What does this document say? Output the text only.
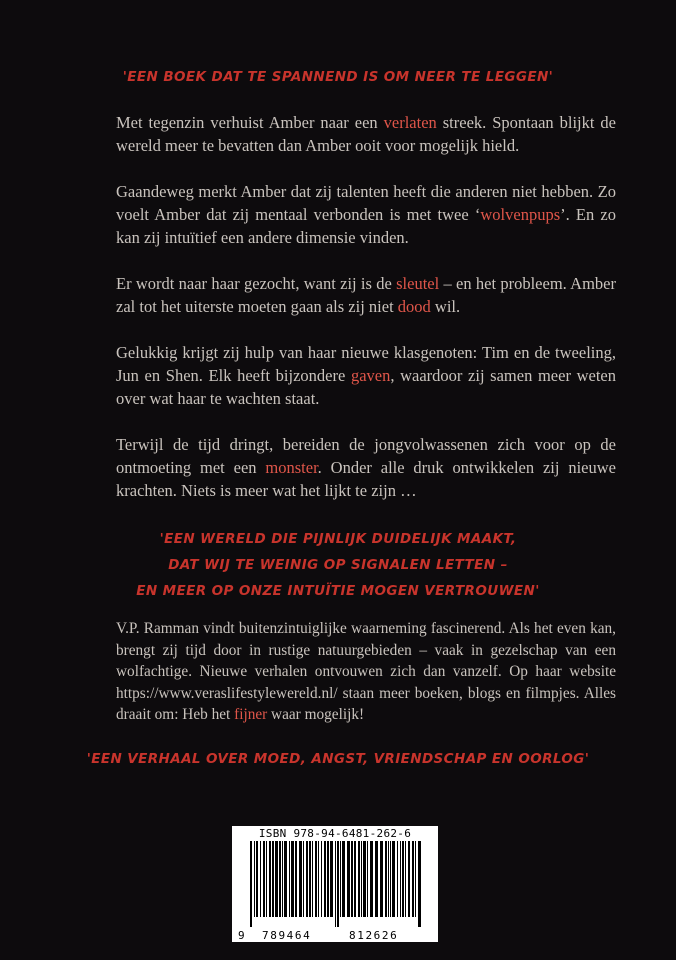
'EEN BOEK DAT TE SPANNEND IS OM NEER TE LEGGEN'

Met tegenzin verhuist Amber naar een verlaten streek. Spontaan blijkt de wereld meer te bevatten dan Amber ooit voor mogelijk hield.

Gaandeweg merkt Amber dat zij talenten heeft die anderen niet hebben. Zo voelt Amber dat zij mentaal verbonden is met twee ‘wolvenpups’. En zo kan zij intuïtief een andere dimensie vinden.

Er wordt naar haar gezocht, want zij is de sleutel – en het probleem. Amber zal tot het uiterste moeten gaan als zij niet dood wil.

Gelukkig krijgt zij hulp van haar nieuwe klasgenoten: Tim en de tweeling, Jun en Shen. Elk heeft bijzondere gaven, waardoor zij samen meer weten over wat haar te wachten staat.

Terwijl de tijd dringt, bereiden de jongvolwassenen zich voor op de ontmoeting met een monster. Onder alle druk ontwikkelen zij nieuwe krachten. Niets is meer wat het lijkt te zijn …

'EEN WERELD DIE PIJNLIJK DUIDELIJK MAAKT,
DAT WIJ TE WEINIG OP SIGNALEN LETTEN –
EN MEER OP ONZE INTUÏTIE MOGEN VERTROUWEN'

V.P. Ramman vindt buitenzintuiglijke waarneming fascinerend. Als het even kan, brengt zij tijd door in rustige natuurgebieden – vaak in gezelschap van een wolfachtige. Nieuwe verhalen ontvouwen zich dan vanzelf. Op haar website https://www.veraslifestylewereld.nl/ staan meer boeken, blogs en filmpjes. Alles draait om: Heb het fijner waar mogelijk!

'EEN VERHAAL OVER MOED, ANGST, VRIENDSCHAP EN OORLOG'

ISBN 978-94-6481-262-6
9 789464	812626
